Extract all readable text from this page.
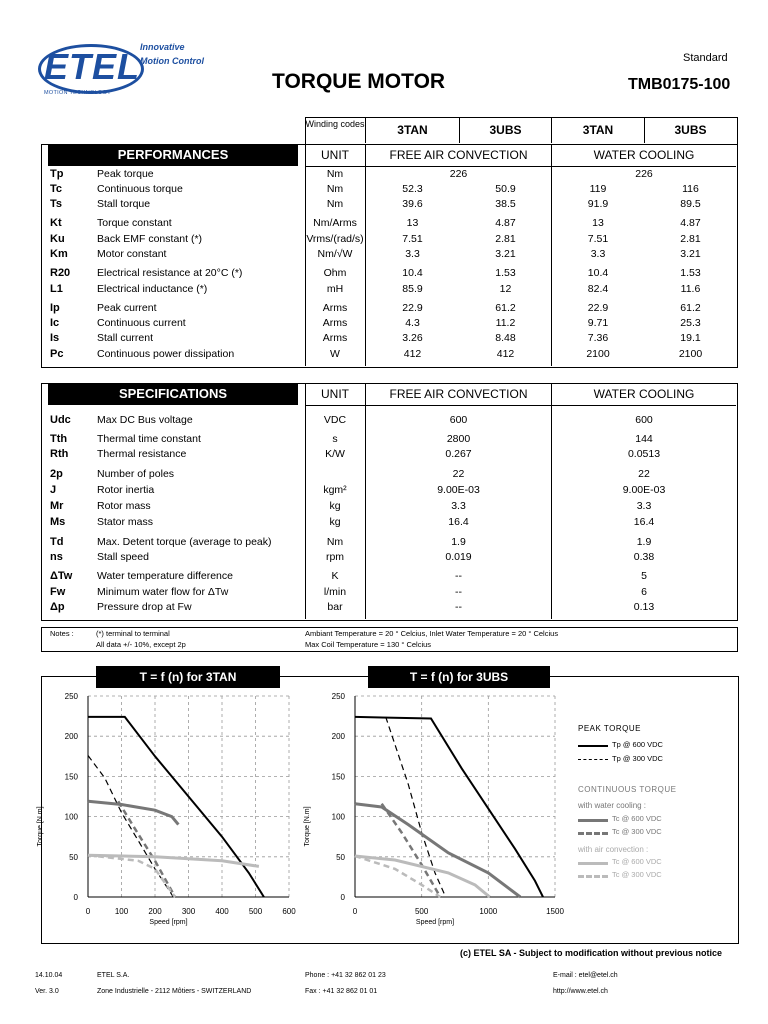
ETEL Innovative
Motion Control
MOTION TECHNOLOGY	TORQUE MOTOR
Standard
TMB0175-100
Winding codes	3TAN	3UBS	3TAN	3UBS
PERFORMANCES	UNIT	FREE AIR CONVECTION	WATER COOLING
Tp	Peak torque	Nm	226	226
Tc	Continuous torque	Nm	52.3	50.9	119	116
Ts	Stall torque	Nm	39.6	38.5	91.9	89.5
Kt	Torque constant	Nm/Arms	13	4.87	13	4.87
Ku	Back EMF constant (*)	Vrms/(rad/s)	7.51	2.81	7.51	2.81
Km	Motor constant	Nm/√W	3.3	3.21	3.3	3.21
R20	Electrical resistance at 20°C (*)	Ohm	10.4	1.53	10.4	1.53
L1	Electrical inductance (*)	mH	85.9	12	82.4	11.6
Ip	Peak current	Arms	22.9	61.2	22.9	61.2
Ic	Continuous current	Arms	4.3	11.2	9.71	25.3
Is	Stall current	Arms	3.26	8.48	7.36	19.1
Pc	Continuous power dissipation	W	412	412	2100	2100
SPECIFICATIONS	UNIT	FREE AIR CONVECTION	WATER COOLING
Udc Max DC Bus voltage	VDC	600	600
Tth	Thermal time constant	s	2800	144
Rth	Thermal resistance	K/W	0.267	0.0513
2p	Number of poles	22	22
J	Rotor inertia	kgm²	9.00E-03	9.00E-03
Mr	Rotor mass	kg	3.3	3.3
Ms	Stator mass	kg	16.4	16.4
Td	Max. Detent torque (average to peak)	Nm	1.9	1.9
ns	Stall speed	rpm	0.019	0.38
ΔTw Water temperature difference	K	--	5
Fw	Minimum water flow for ΔTw	l/min	--	6
Δp	Pressure drop at Fw	bar	--	0.13
Notes :	(*) terminal to terminal
All data +/- 10%, except 2p
Ambiant Temperature = 20 ° Celcius, Inlet Water Temperature = 20 ° Celcius
Max Coil Temperature = 130 ° Celcius
T = f (n) for 3TAN	T = f (n) for 3UBS
0
50
100
150
200
250
0	100	200	300	400	500	600
Speed [rpm]
Torque [N.m]
0
50
100
150
200
250
0	500	1000	1500
Speed [rpm]
Torque [N.m]
PEAK TORQUE
Tp @ 600 VDC
Tp @ 300 VDC
CONTINUOUS TORQUE
with water cooling :
Tc @ 600 VDC
Tc @ 300 VDC
with air convection :
Tc @ 600 VDC
Tc @ 300 VDC
(c) ETEL SA - Subject to modification without previous notice
14.10.04
Ver. 3.0
ETEL S.A.
Zone Industrielle - 2112 Môtiers - SWITZERLAND
Phone : +41 32 862 01 23
Fax : +41 32 862 01 01
E-mail : etel@etel.ch
http://www.etel.ch
